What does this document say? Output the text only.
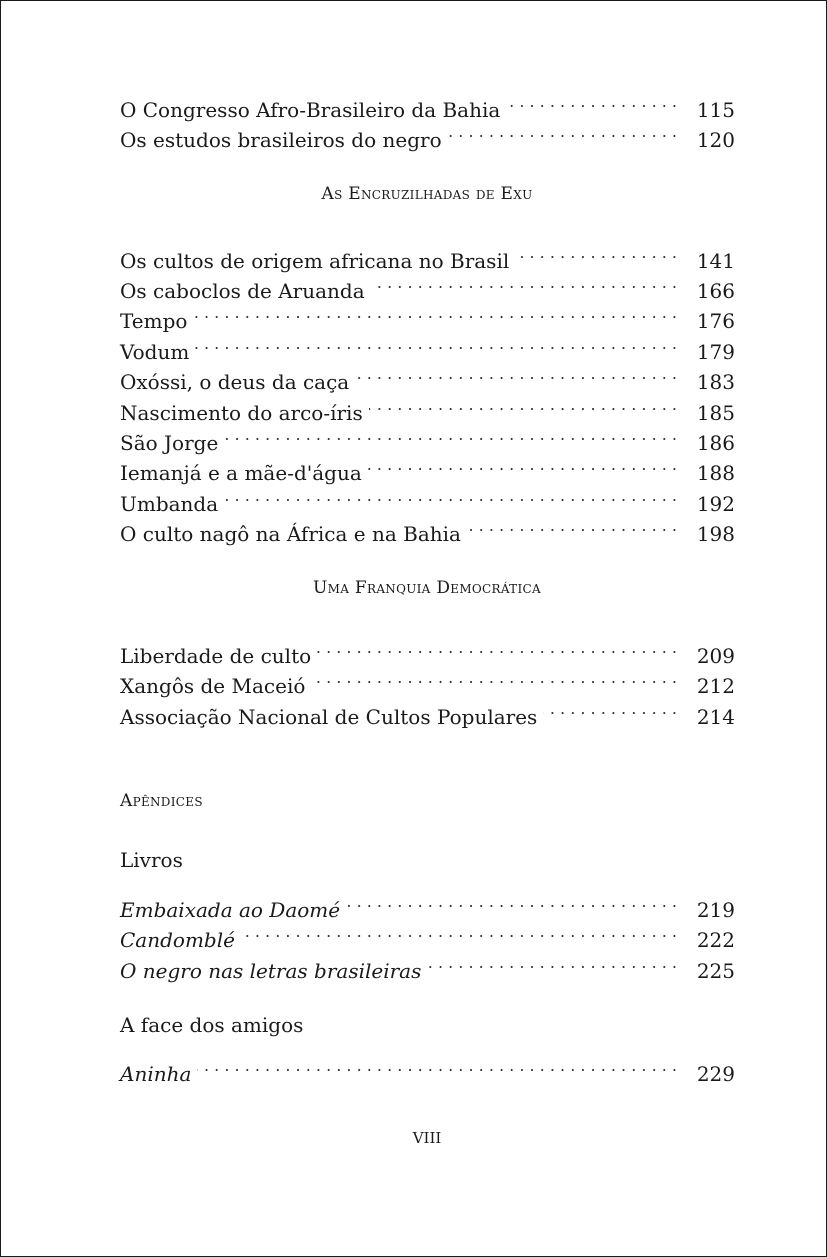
O Congresso Afro-Brasileiro da Bahia . . .	115
Os estudos brasileiros do negro . . .	120
As Encruzilhadas de Exu
Os cultos de origem africana no Brasil . . .	141
Os caboclos de Aruanda . . .	166
Tempo . . .	176
Vodum . . .	179
Oxóssi, o deus da caça . . .	183
Nascimento do arco-íris . . .	185
São Jorge . . .	186
Iemanjá e a mãe-d'água . . .	188
Umbanda . . .	192
O culto nagô na África e na Bahia . . .	198
Uma Franquia Democrática
Liberdade de culto . . .	209
Xangôs de Maceió . . .	212
Associação Nacional de Cultos Populares . . .	214
Apêndices
Livros
Embaixada ao Daomé . . .	219
Candomblé . . .	222
O negro nas letras brasileiras . . .	225
A face dos amigos
Aninha . . .	229
VIII
